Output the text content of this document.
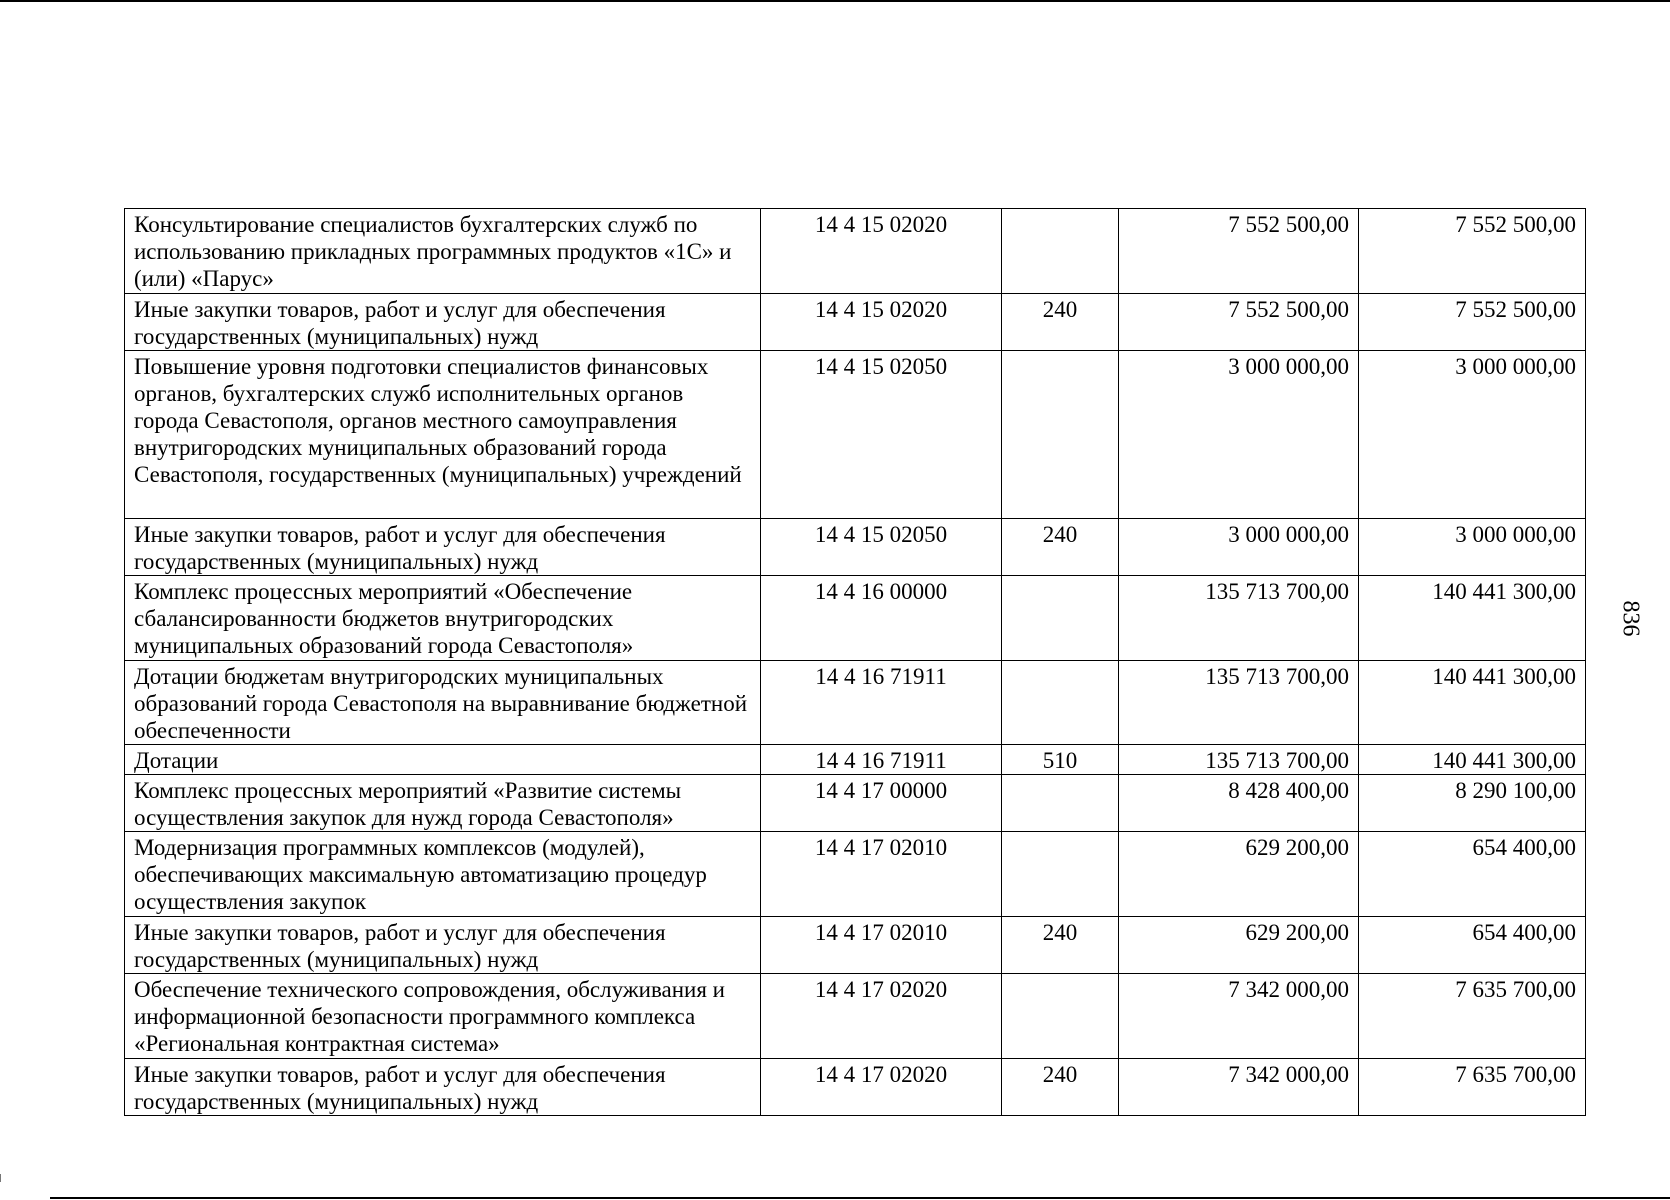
Консультирование специалистов бухгалтерских служб по использованию прикладных программных продуктов «1С» и (или) «Парус»	14 4 15 02020		7 552 500,00	7 552 500,00
Иные закупки товаров, работ и услуг для обеспечения государственных (муниципальных) нужд	14 4 15 02020	240	7 552 500,00	7 552 500,00
Повышение уровня подготовки специалистов финансовых органов, бухгалтерских служб исполнительных органов города Севастополя, органов местного самоуправления внутригородских муниципальных образований города Севастополя, государственных (муниципальных) учреждений	14 4 15 02050		3 000 000,00	3 000 000,00
Иные закупки товаров, работ и услуг для обеспечения государственных (муниципальных) нужд	14 4 15 02050	240	3 000 000,00	3 000 000,00
Комплекс процессных мероприятий «Обеспечение сбалансированности бюджетов внутригородских муниципальных образований города Севастополя»	14 4 16 00000		135 713 700,00	140 441 300,00
Дотации бюджетам внутригородских муниципальных образований города Севастополя на выравнивание бюджетной обеспеченности	14 4 16 71911		135 713 700,00	140 441 300,00
Дотации	14 4 16 71911	510	135 713 700,00	140 441 300,00
Комплекс процессных мероприятий «Развитие системы осуществления закупок для нужд города Севастополя»	14 4 17 00000		8 428 400,00	8 290 100,00
Модернизация программных комплексов (модулей), обеспечивающих максимальную автоматизацию процедур осуществления закупок	14 4 17 02010		629 200,00	654 400,00
Иные закупки товаров, работ и услуг для обеспечения государственных (муниципальных) нужд	14 4 17 02010	240	629 200,00	654 400,00
Обеспечение технического сопровождения, обслуживания и информационной безопасности программного комплекса «Региональная контрактная система»	14 4 17 02020		7 342 000,00	7 635 700,00
Иные закупки товаров, работ и услуг для обеспечения государственных (муниципальных) нужд	14 4 17 02020	240	7 342 000,00	7 635 700,00
836
